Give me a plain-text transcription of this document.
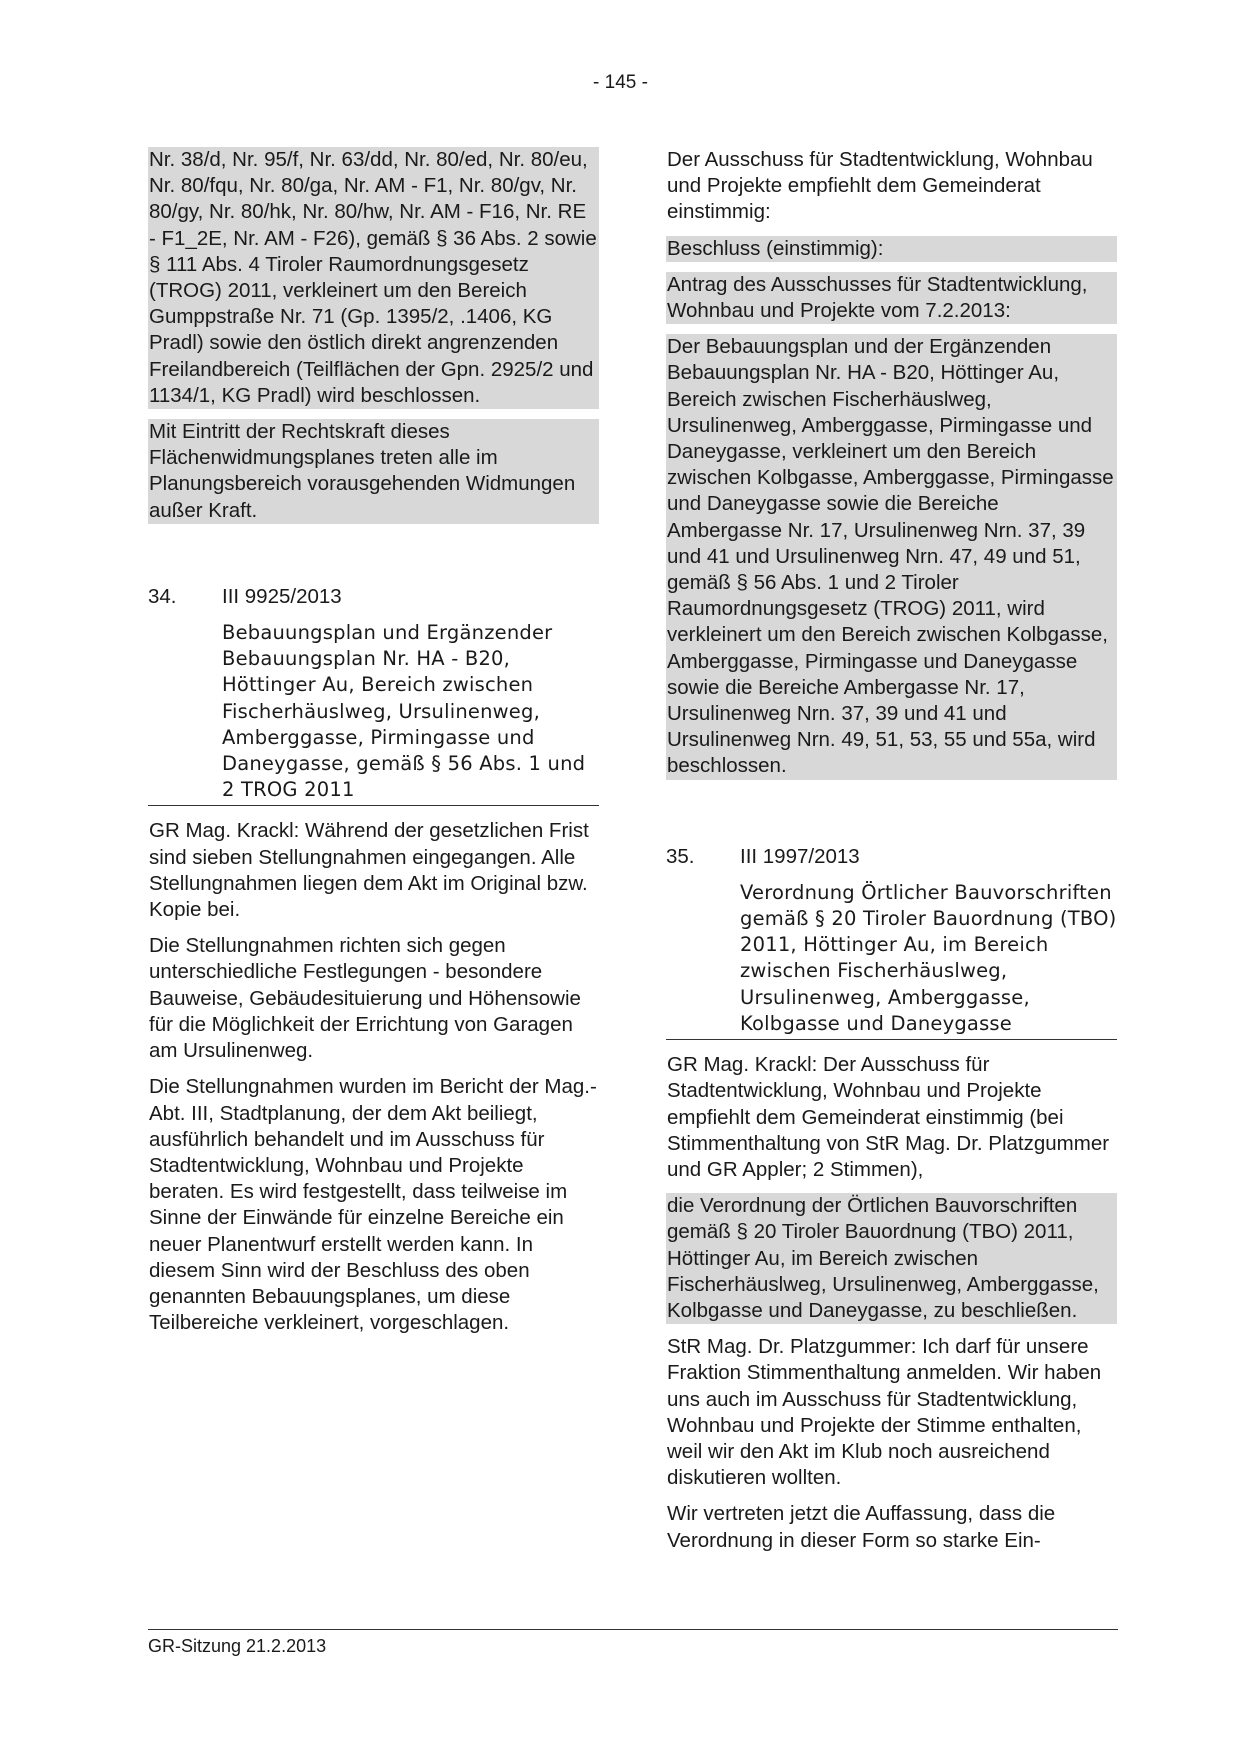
- 145 -

Nr. 38/d, Nr. 95/f, Nr. 63/dd, Nr. 80/ed, Nr. 80/eu, Nr. 80/fqu, Nr. 80/ga, Nr. AM - F1, Nr. 80/gv, Nr. 80/gy, Nr. 80/hk, Nr. 80/hw, Nr. AM - F16, Nr. RE - F1_2E, Nr. AM - F26), gemäß § 36 Abs. 2 sowie § 111 Abs. 4 Tiroler Raumordnungsgesetz (TROG) 2011, verkleinert um den Bereich Gumppstraße Nr. 71 (Gp. 1395/2, .1406, KG Pradl) sowie den östlich direkt angrenzenden Freilandbereich (Teilflächen der Gpn. 2925/2 und 1134/1, KG Pradl) wird beschlossen.

Mit Eintritt der Rechtskraft dieses Flächenwidmungsplanes treten alle im Planungsbereich vorausgehenden Widmungen außer Kraft.

34.	III 9925/2013
Bebauungsplan und Ergänzender Bebauungsplan Nr. HA - B20, Höttinger Au, Bereich zwischen Fischerhäuslweg, Ursulinenweg, Amberggasse, Pirmingasse und Daneygasse, gemäß § 56 Abs. 1 und 2 TROG 2011

GR Mag. Krackl: Während der gesetzlichen Frist sind sieben Stellungnahmen eingegangen. Alle Stellungnahmen liegen dem Akt im Original bzw. Kopie bei.

Die Stellungnahmen richten sich gegen unterschiedliche Festlegungen - besondere Bauweise, Gebäudesituierung und Höhensowie für die Möglichkeit der Errichtung von Garagen am Ursulinenweg.

Die Stellungnahmen wurden im Bericht der Mag.-Abt. III, Stadtplanung, der dem Akt beiliegt, ausführlich behandelt und im Ausschuss für Stadtentwicklung, Wohnbau und Projekte beraten. Es wird festgestellt, dass teilweise im Sinne der Einwände für einzelne Bereiche ein neuer Planentwurf erstellt werden kann. In diesem Sinn wird der Beschluss des oben genannten Bebauungsplanes, um diese Teilbereiche verkleinert, vorgeschlagen.

Der Ausschuss für Stadtentwicklung, Wohnbau und Projekte empfiehlt dem Gemeinderat einstimmig:

Beschluss (einstimmig):

Antrag des Ausschusses für Stadtentwicklung, Wohnbau und Projekte vom 7.2.2013:

Der Bebauungsplan und der Ergänzenden Bebauungsplan Nr. HA - B20, Höttinger Au, Bereich zwischen Fischerhäuslweg, Ursulinenweg, Amberggasse, Pirmingasse und Daneygasse, verkleinert um den Bereich zwischen Kolbgasse, Amberggasse, Pirmingasse und Daneygasse sowie die Bereiche Ambergasse Nr. 17, Ursulinenweg Nrn. 37, 39 und 41 und Ursulinenweg Nrn. 47, 49 und 51, gemäß § 56 Abs. 1 und 2 Tiroler Raumordnungsgesetz (TROG) 2011, wird verkleinert um den Bereich zwischen Kolbgasse, Amberggasse, Pirmingasse und Daneygasse sowie die Bereiche Ambergasse Nr. 17, Ursulinenweg Nrn. 37, 39 und 41 und Ursulinenweg Nrn. 49, 51, 53, 55 und 55a, wird beschlossen.

35.	III 1997/2013
Verordnung Örtlicher Bauvorschriften gemäß § 20 Tiroler Bauordnung (TBO) 2011, Höttinger Au, im Bereich zwischen Fischerhäuslweg, Ursulinenweg, Amberggasse, Kolbgasse und Daneygasse

GR Mag. Krackl: Der Ausschuss für Stadtentwicklung, Wohnbau und Projekte empfiehlt dem Gemeinderat einstimmig (bei Stimmenthaltung von StR Mag. Dr. Platzgummer und GR Appler; 2 Stimmen),

die Verordnung der Örtlichen Bauvorschriften gemäß § 20 Tiroler Bauordnung (TBO) 2011, Höttinger Au, im Bereich zwischen Fischerhäuslweg, Ursulinenweg, Amberggasse, Kolbgasse und Daneygasse, zu beschließen.

StR Mag. Dr. Platzgummer: Ich darf für unsere Fraktion Stimmenthaltung anmelden. Wir haben uns auch im Ausschuss für Stadtentwicklung, Wohnbau und Projekte der Stimme enthalten, weil wir den Akt im Klub noch ausreichend diskutieren wollten.

Wir vertreten jetzt die Auffassung, dass die Verordnung in dieser Form so starke Ein-

GR-Sitzung 21.2.2013
